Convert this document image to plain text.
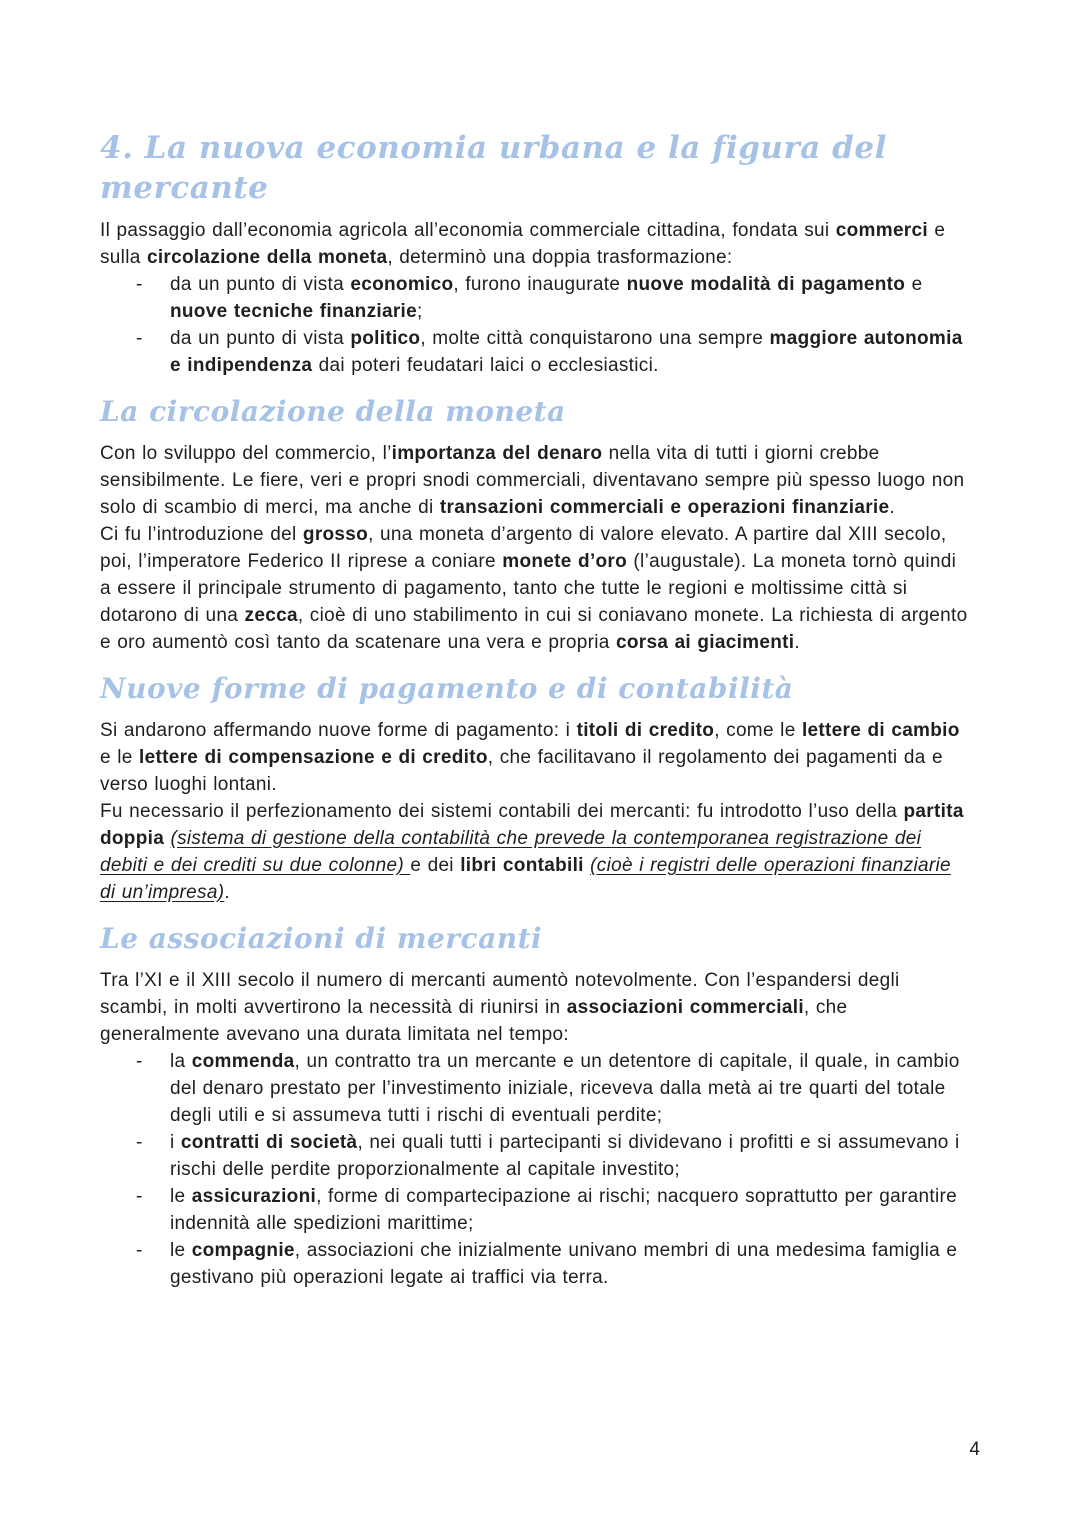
4. La nuova economia urbana e la figura del mercante

Il passaggio dall’economia agricola all’economia commerciale cittadina, fondata sui commerci e sulla circolazione della moneta, determinò una doppia trasformazione:

- da un punto di vista economico, furono inaugurate nuove modalità di pagamento e nuove tecniche finanziarie;
- da un punto di vista politico, molte città conquistarono una sempre maggiore autonomia e indipendenza dai poteri feudatari laici o ecclesiastici.
La circolazione della moneta

Con lo sviluppo del commercio, l’importanza del denaro nella vita di tutti i giorni crebbe sensibilmente. Le fiere, veri e propri snodi commerciali, diventavano sempre più spesso luogo non solo di scambio di merci, ma anche di transazioni commerciali e operazioni finanziarie.

Ci fu l’introduzione del grosso, una moneta d’argento di valore elevato. A partire dal XIII secolo, poi, l’imperatore Federico II riprese a coniare monete d’oro (l’augustale). La moneta tornò quindi a essere il principale strumento di pagamento, tanto che tutte le regioni e moltissime città si dotarono di una zecca, cioè di uno stabilimento in cui si coniavano monete. La richiesta di argento e oro aumentò così tanto da scatenare una vera e propria corsa ai giacimenti.

Nuove forme di pagamento e di contabilità

Si andarono affermando nuove forme di pagamento: i titoli di credito, come le lettere di cambio e le lettere di compensazione e di credito, che facilitavano il regolamento dei pagamenti da e verso luoghi lontani.

Fu necessario il perfezionamento dei sistemi contabili dei mercanti: fu introdotto l’uso della partita doppia (sistema di gestione della contabilità che prevede la contemporanea registrazione dei debiti e dei crediti su due colonne) e dei libri contabili (cioè i registri delle operazioni finanziarie di un’impresa).

Le associazioni di mercanti

Tra l’XI e il XIII secolo il numero di mercanti aumentò notevolmente. Con l’espandersi degli scambi, in molti avvertirono la necessità di riunirsi in associazioni commerciali, che generalmente avevano una durata limitata nel tempo:

- la commenda, un contratto tra un mercante e un detentore di capitale, il quale, in cambio del denaro prestato per l’investimento iniziale, riceveva dalla metà ai tre quarti del totale degli utili e si assumeva tutti i rischi di eventuali perdite;
- i contratti di società, nei quali tutti i partecipanti si dividevano i profitti e si assumevano i rischi delle perdite proporzionalmente al capitale investito;
- le assicurazioni, forme di compartecipazione ai rischi; nacquero soprattutto per garantire indennità alle spedizioni marittime;
- le compagnie, associazioni che inizialmente univano membri di una medesima famiglia e gestivano più operazioni legate ai traffici via terra.
4
